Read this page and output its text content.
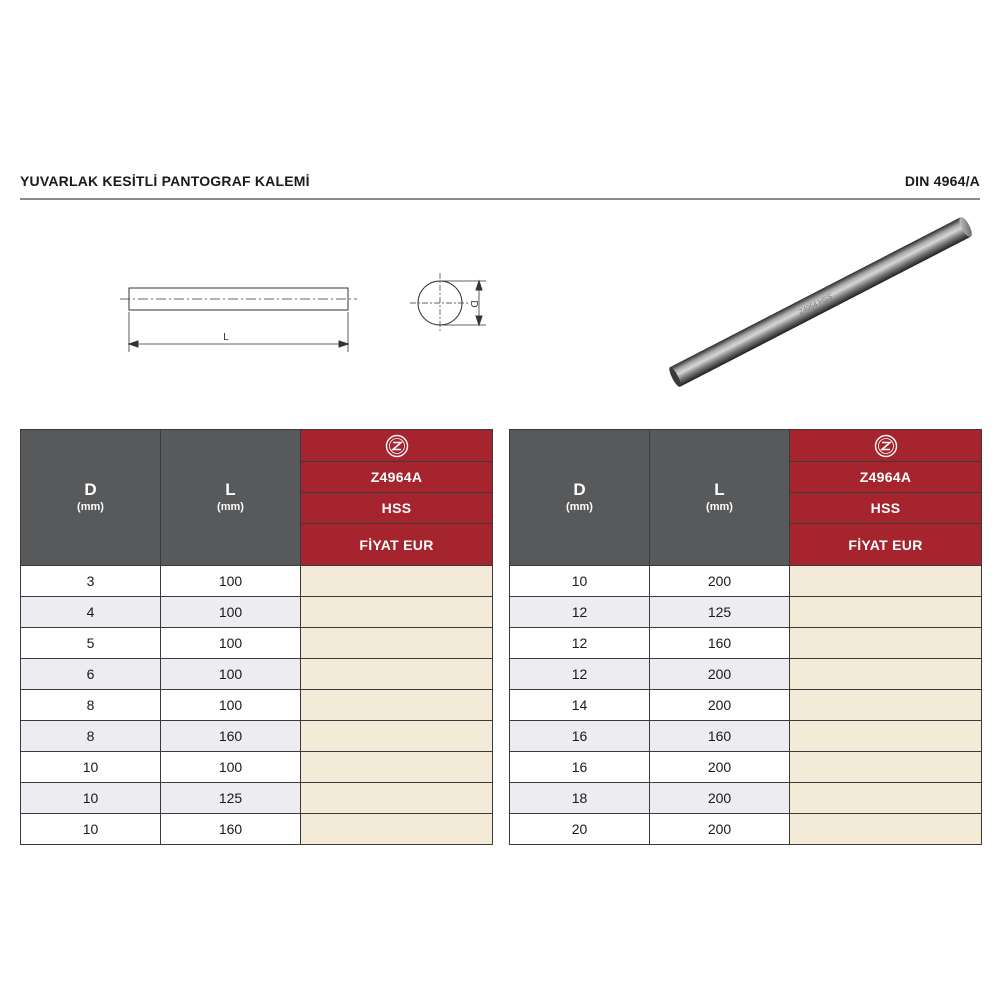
YUVARLAK KESİTLİ PANTOGRAF KALEMİ	DIN 4964/A
L
D	Z4964 HSS
D
(mm)	L
(mm)

		Z4964A
		HSS
		FİYAT EUR
3	100	
4	100	
5	100	
6	100	
8	100	
8	160	
10	100	
10	125	
10	160	
D
(mm)	L
(mm)

		Z4964A
		HSS
		FİYAT EUR
10	200	
12	125	
12	160	
12	200	
14	200	
16	160	
16	200	
18	200	
20	200	
